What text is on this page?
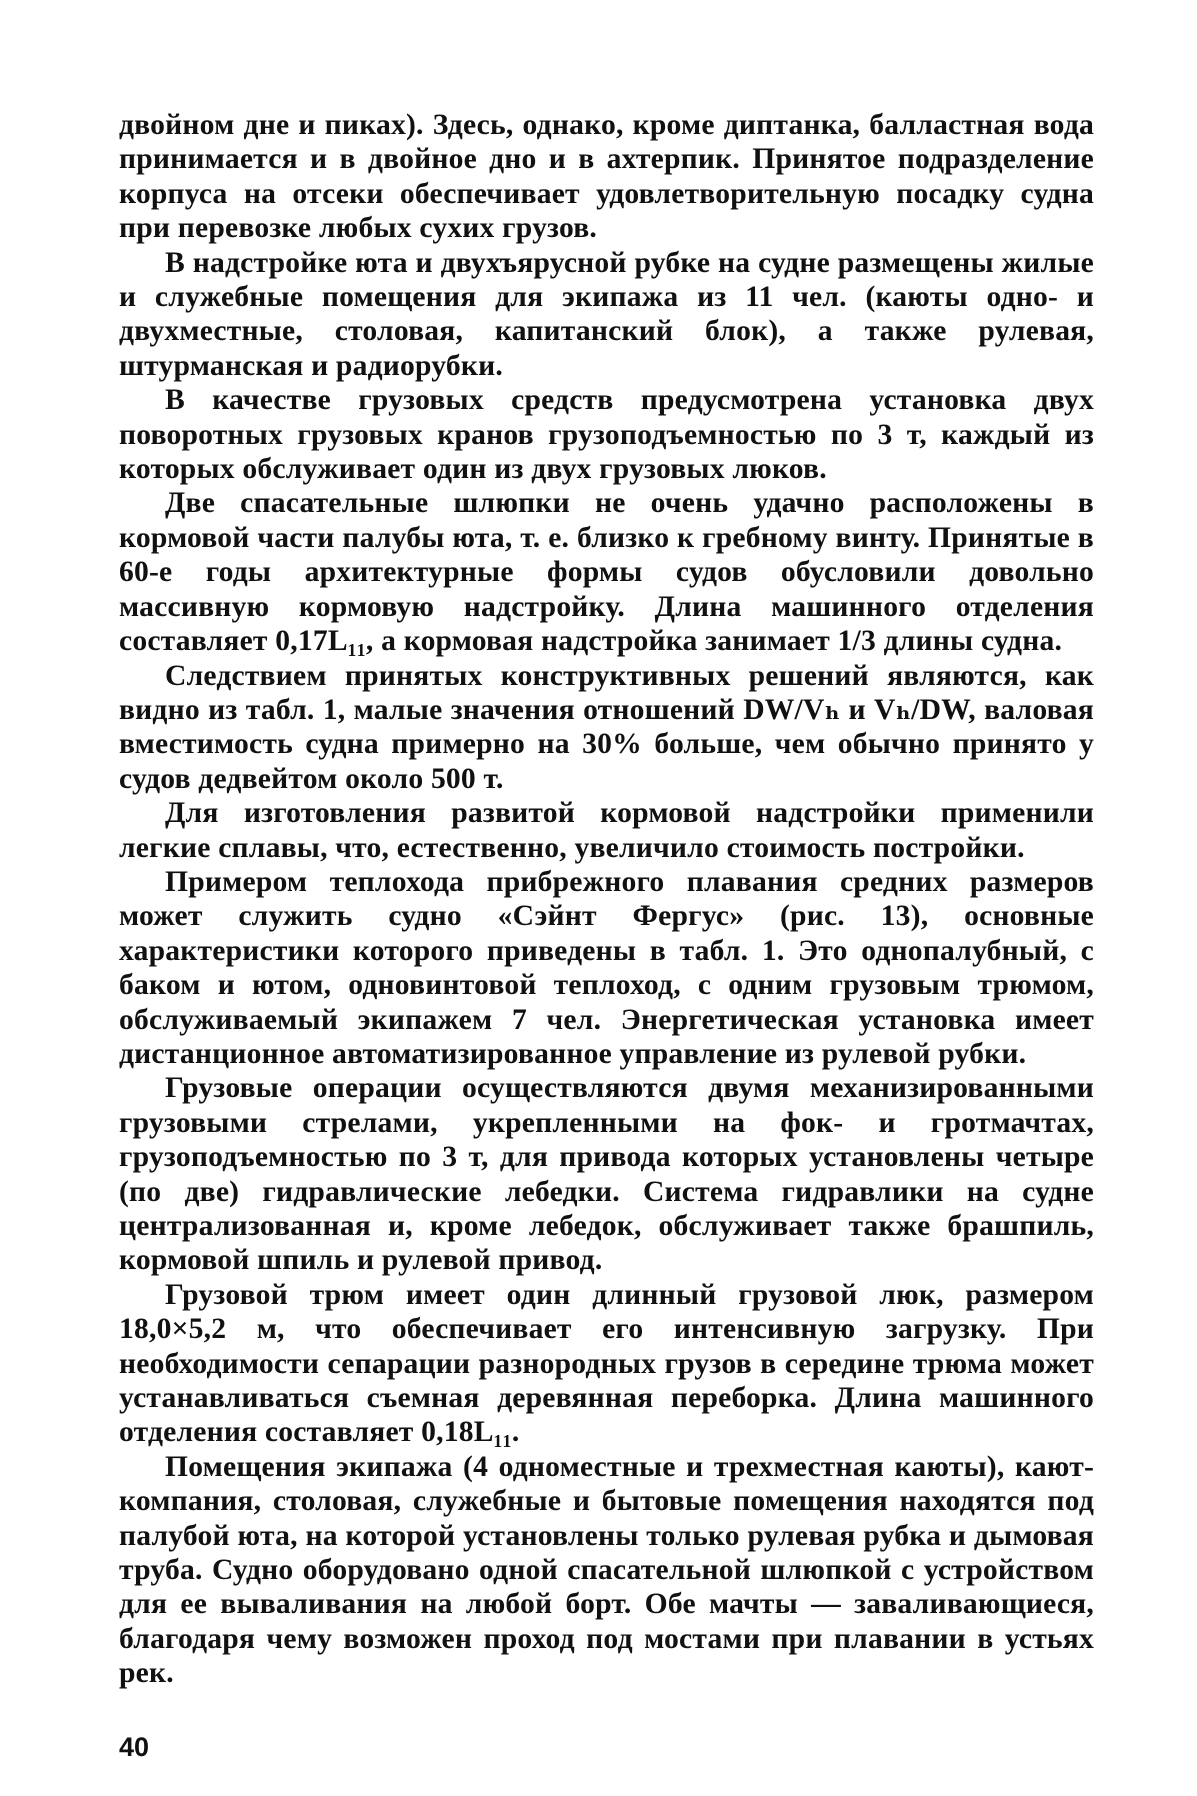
двойном дне и пиках). Здесь, однако, кроме диптанка, балластная вода принимается и в двойное дно и в ахтерпик. Принятое подразделение корпуса на отсеки обеспечивает удовлетворительную посадку судна при перевозке любых сухих грузов.

В надстройке юта и двухъярусной рубке на судне размещены жилые и служебные помещения для экипажа из 11 чел. (каюты одно- и двухместные, столовая, капитанский блок), а также рулевая, штурманская и радиорубки.

В качестве грузовых средств предусмотрена установка двух поворотных грузовых кранов грузоподъемностью по 3 т, каждый из которых обслуживает один из двух грузовых люков.

Две спасательные шлюпки не очень удачно расположены в кормовой части палубы юта, т. е. близко к гребному винту. Принятые в 60-е годы архитектурные формы судов обусловили довольно массивную кормовую надстройку. Длина машинного отделения составляет 0,17L₁₁, а кормовая надстройка занимает 1/3 длины судна.

Следствием принятых конструктивных решений являются, как видно из табл. 1, малые значения отношений DW/Vₕ и Vₕ/DW, валовая вместимость судна примерно на 30% больше, чем обычно принято у судов дедвейтом около 500 т.

Для изготовления развитой кормовой надстройки применили легкие сплавы, что, естественно, увеличило стоимость постройки.

Примером теплохода прибрежного плавания средних размеров может служить судно «Сэйнт Фергус» (рис. 13), основные характеристики которого приведены в табл. 1. Это однопалубный, с баком и ютом, одновинтовой теплоход, с одним грузовым трюмом, обслуживаемый экипажем 7 чел. Энергетическая установка имеет дистанционное автоматизированное управление из рулевой рубки.

Грузовые операции осуществляются двумя механизированными грузовыми стрелами, укрепленными на фок- и гротмачтах, грузоподъемностью по 3 т, для привода которых установлены четыре (по две) гидравлические лебедки. Система гидравлики на судне централизованная и, кроме лебедок, обслуживает также брашпиль, кормовой шпиль и рулевой привод.

Грузовой трюм имеет один длинный грузовой люк, размером 18,0×5,2 м, что обеспечивает его интенсивную загрузку. При необходимости сепарации разнородных грузов в середине трюма может устанавливаться съемная деревянная переборка. Длина машинного отделения составляет 0,18L₁₁.

Помещения экипажа (4 одноместные и трехместная каюты), кают-компания, столовая, служебные и бытовые помещения находятся под палубой юта, на которой установлены только рулевая рубка и дымовая труба. Судно оборудовано одной спасательной шлюпкой с устройством для ее вываливания на любой борт. Обе мачты — заваливающиеся, благодаря чему возможен проход под мостами при плавании в устьях рек.

40
